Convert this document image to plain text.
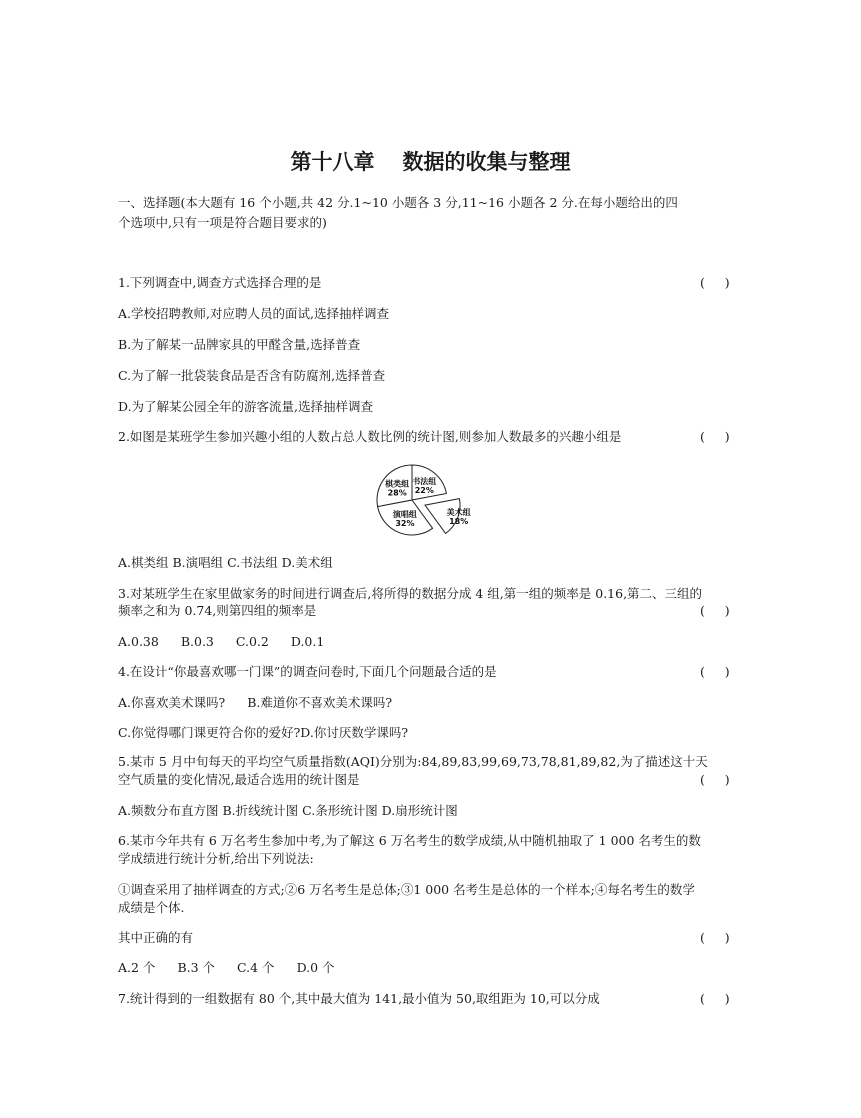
第十八章 数据的收集与整理
一、选择题(本大题有 16 个小题,共 42 分.1~10 小题各 3 分,11~16 小题各 2 分.在每小题给出的四
个选项中,只有一项是符合题目要求的)
1.下列调查中,调查方式选择合理的是	(     )
A.学校招聘教师,对应聘人员的面试,选择抽样调查
B.为了解某一品牌家具的甲醛含量,选择普查
C.为了解一批袋装食品是否含有防腐剂,选择普查
D.为了解某公园全年的游客流量,选择抽样调查
2.如图是某班学生参加兴趣小组的人数占总人数比例的统计图,则参加人数最多的兴趣小组是	(     )
书法组
22%
美术组
18%
演唱组
32%
棋类组
28%
A.棋类组 B.演唱组 C.书法组 D.美术组
3.对某班学生在家里做家务的时间进行调查后,将所得的数据分成 4 组,第一组的频率是 0.16,第二、三组的
频率之和为 0.74,则第四组的频率是	(     )
A.0.38 B.0.3 C.0.2 D.0.1
4.在设计“你最喜欢哪一门课”的调查问卷时,下面几个问题最合适的是	(     )
A.你喜欢美术课吗? B.难道你不喜欢美术课吗?
C.你觉得哪门课更符合你的爱好?D.你讨厌数学课吗?
5.某市 5 月中旬每天的平均空气质量指数(AQI)分别为:84,89,83,99,69,73,78,81,89,82,为了描述这十天
空气质量的变化情况,最适合选用的统计图是	(     )
A.频数分布直方图 B.折线统计图 C.条形统计图 D.扇形统计图
6.某市今年共有 6 万名考生参加中考,为了解这 6 万名考生的数学成绩,从中随机抽取了 1 000 名考生的数
学成绩进行统计分析,给出下列说法:
①调查采用了抽样调查的方式;②6 万名考生是总体;③1 000 名考生是总体的一个样本;④每名考生的数学
成绩是个体.
其中正确的有	(     )
A.2 个 B.3 个 C.4 个 D.0 个
7.统计得到的一组数据有 80 个,其中最大值为 141,最小值为 50,取组距为 10,可以分成	(     )
